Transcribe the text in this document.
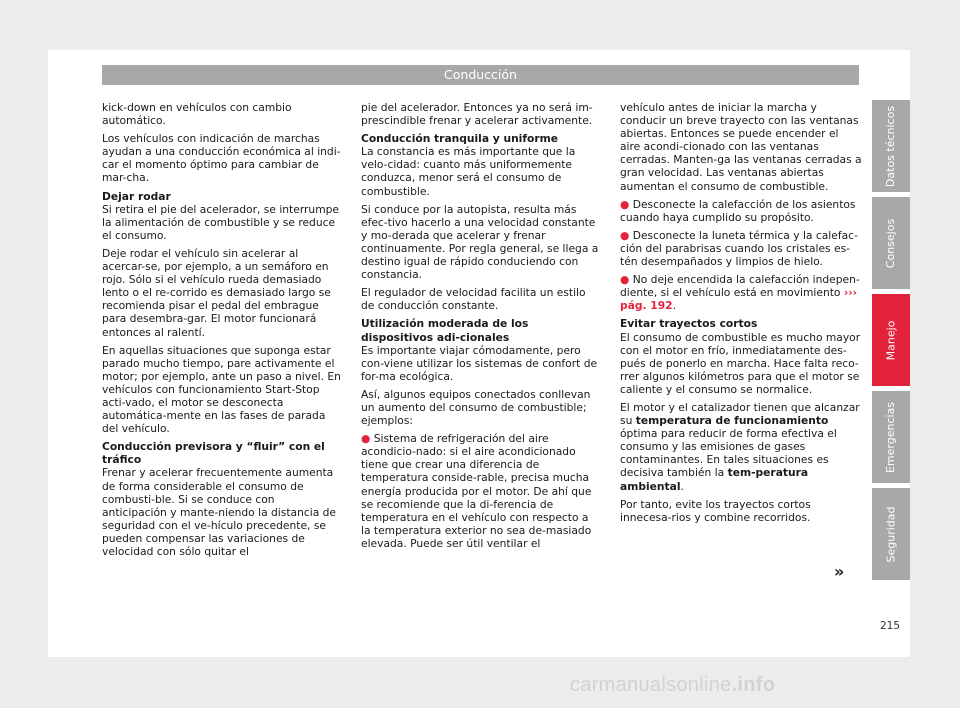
Conducción

kick-down en vehículos con cambio automático.

Los vehículos con indicación de marchas ayudan a una conducción económica al indi-car el momento óptimo para cambiar de mar-cha.

Dejar rodar

Si retira el pie del acelerador, se interrumpe la alimentación de combustible y se reduce el consumo.

Deje rodar el vehículo sin acelerar al acercar-se, por ejemplo, a un semáforo en rojo. Sólo si el vehículo rueda demasiado lento o el re-corrido es demasiado largo se recomienda pisar el pedal del embrague para desembra-gar. El motor funcionará entonces al ralentí.

En aquellas situaciones que suponga estar parado mucho tiempo, pare activamente el motor; por ejemplo, ante un paso a nivel. En vehículos con funcionamiento Start-Stop acti-vado, el motor se desconecta automática-mente en las fases de parada del vehículo.

Conducción previsora y “fluir” con el tráfico

Frenar y acelerar frecuentemente aumenta de forma considerable el consumo de combusti-ble. Si se conduce con anticipación y mante-niendo la distancia de seguridad con el ve-hículo precedente, se pueden compensar las variaciones de velocidad con sólo quitar el

pie del acelerador. Entonces ya no será im-prescindible frenar y acelerar activamente.

Conducción tranquila y uniforme

La constancia es más importante que la velo-cidad: cuanto más uniformemente conduzca, menor será el consumo de combustible.

Si conduce por la autopista, resulta más efec-tivo hacerlo a una velocidad constante y mo-derada que acelerar y frenar continuamente. Por regla general, se llega a destino igual de rápido conduciendo con constancia.

El regulador de velocidad facilita un estilo de conducción constante.

Utilización moderada de los dispositivos adi-cionales

Es importante viajar cómodamente, pero con-viene utilizar los sistemas de confort de for-ma ecológica.

Así, algunos equipos conectados conllevan un aumento del consumo de combustible; ejemplos:

● Sistema de refrigeración del aire acondicio-nado: si el aire acondicionado tiene que crear una diferencia de temperatura conside-rable, precisa mucha energía producida por el motor. De ahí que se recomiende que la di-ferencia de temperatura en el vehículo con respecto a la temperatura exterior no sea de-masiado elevada. Puede ser útil ventilar el

vehículo antes de iniciar la marcha y conducir un breve trayecto con las ventanas abiertas. Entonces se puede encender el aire acondi-cionado con las ventanas cerradas. Manten-ga las ventanas cerradas a gran velocidad. Las ventanas abiertas aumentan el consumo de combustible.

● Desconecte la calefacción de los asientos cuando haya cumplido su propósito.

● Desconecte la luneta térmica y la calefac-ción del parabrisas cuando los cristales es-tén desempañados y limpios de hielo.

● No deje encendida la calefacción indepen-diente, si el vehículo está en movimiento ››› pág. 192.

Evitar trayectos cortos

El consumo de combustible es mucho mayor con el motor en frío, inmediatamente des-pués de ponerlo en marcha. Hace falta reco-rrer algunos kilómetros para que el motor se caliente y el consumo se normalice.

El motor y el catalizador tienen que alcanzar su temperatura de funcionamiento óptima para reducir de forma efectiva el consumo y las emisiones de gases contaminantes. En tales situaciones es decisiva también la tem-peratura ambiental.

Por tanto, evite los trayectos cortos innecesa-rios y combine recorridos.

»
Datos técnicos
Consejos
Manejo
Emergencias
Seguridad
215
carmanualsonline.info
